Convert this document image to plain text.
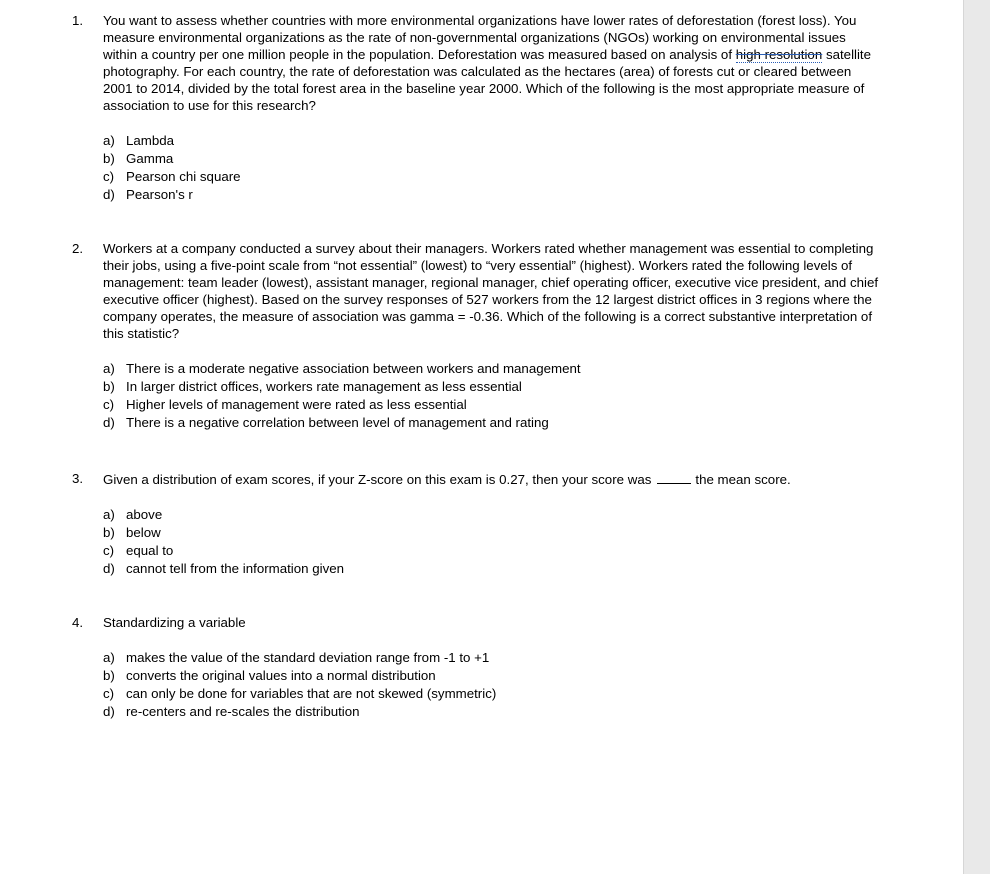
1.	You want to assess whether countries with more environmental organizations have lower rates of deforestation (forest loss). You measure environmental organizations as the rate of non-governmental organizations (NGOs) working on environmental issues within a country per one million people in the population. Deforestation was measured based on analysis of high resolution satellite photography. For each country, the rate of deforestation was calculated as the hectares (area) of forests cut or cleared between 2001 to 2014, divided by the total forest area in the baseline year 2000. Which of the following is the most appropriate measure of association to use for this research?
a) Lambda
b) Gamma
c) Pearson chi square
d) Pearson's r
2.	Workers at a company conducted a survey about their managers. Workers rated whether management was essential to completing their jobs, using a five-point scale from “not essential” (lowest) to “very essential” (highest). Workers rated the following levels of management: team leader (lowest), assistant manager, regional manager, chief operating officer, executive vice president, and chief executive officer (highest). Based on the survey responses of 527 workers from the 12 largest district offices in 3 regions where the company operates, the measure of association was gamma = -0.36. Which of the following is a correct substantive interpretation of this statistic?
a) There is a moderate negative association between workers and management
b) In larger district offices, workers rate management as less essential
c) Higher levels of management were rated as less essential
d) There is a negative correlation between level of management and rating
3.	Given a distribution of exam scores, if your Z-score on this exam is 0.27, then your score was	the mean score.
a) above
b) below
c) equal to
d) cannot tell from the information given
4.	Standardizing a variable
a) makes the value of the standard deviation range from -1 to +1
b) converts the original values into a normal distribution
c) can only be done for variables that are not skewed (symmetric)
d) re-centers and re-scales the distribution
